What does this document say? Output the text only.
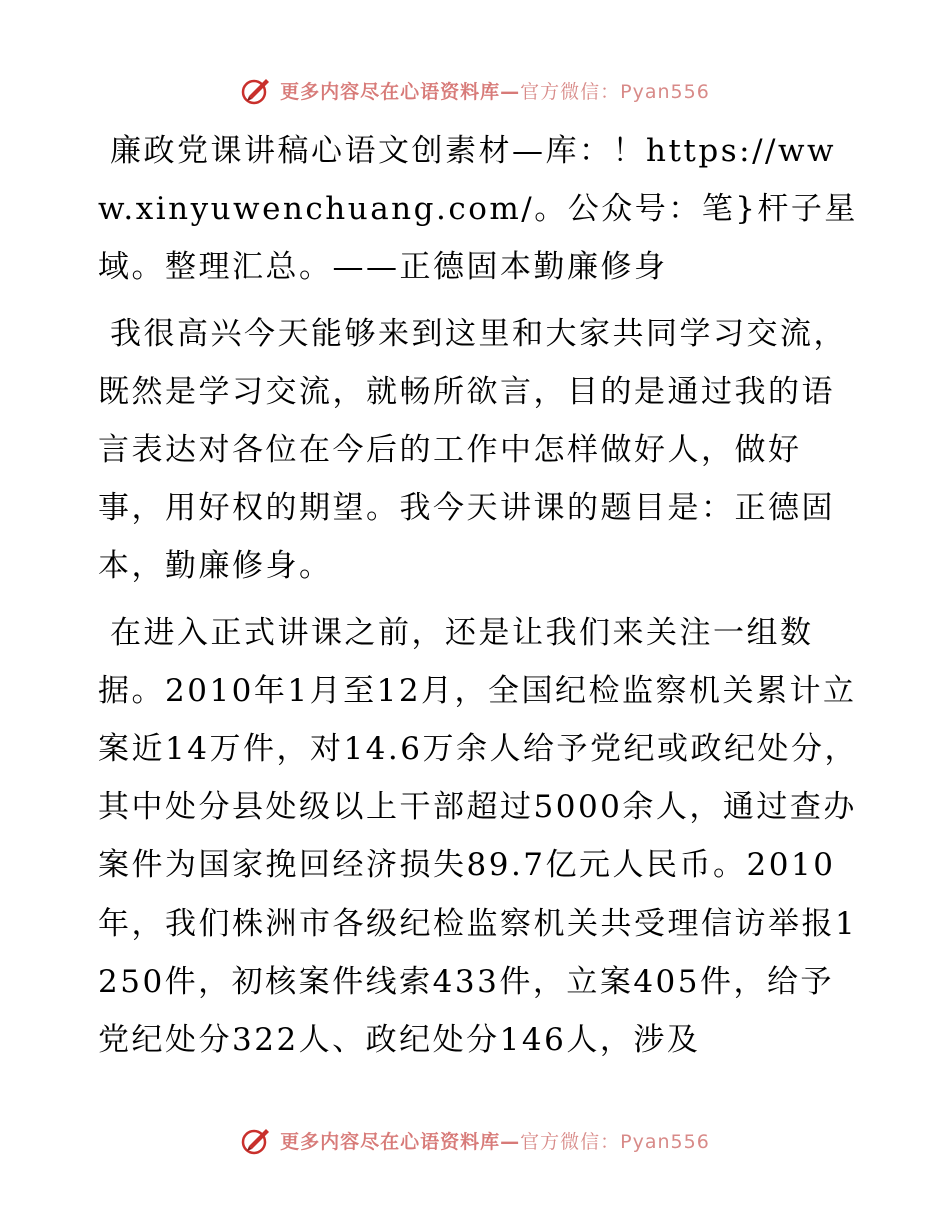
更多内容尽在心语资料库—官方微信：Pyan556

廉政党课讲稿心语文创素材—库：！https://www.xinyuwenchuang.com/。公众号：笔}杆子星域。整理汇总。——正德固本勤廉修身

我很高兴今天能够来到这里和大家共同学习交流，既然是学习交流，就畅所欲言，目的是通过我的语言表达对各位在今后的工作中怎样做好人，做好事，用好权的期望。我今天讲课的题目是：正德固本，勤廉修身。

在进入正式讲课之前，还是让我们来关注一组数据。2010年1月至12月，全国纪检监察机关累计立案近14万件，对14.6万余人给予党纪或政纪处分，其中处分县处级以上干部超过5000余人，通过查办案件为国家挽回经济损失89.7亿元人民币。2010年，我们株洲市各级纪检监察机关共受理信访举报1250件，初核案件线索433件，立案405件，给予党纪处分322人、政纪处分146人，涉及

更多内容尽在心语资料库—官方微信：Pyan556
